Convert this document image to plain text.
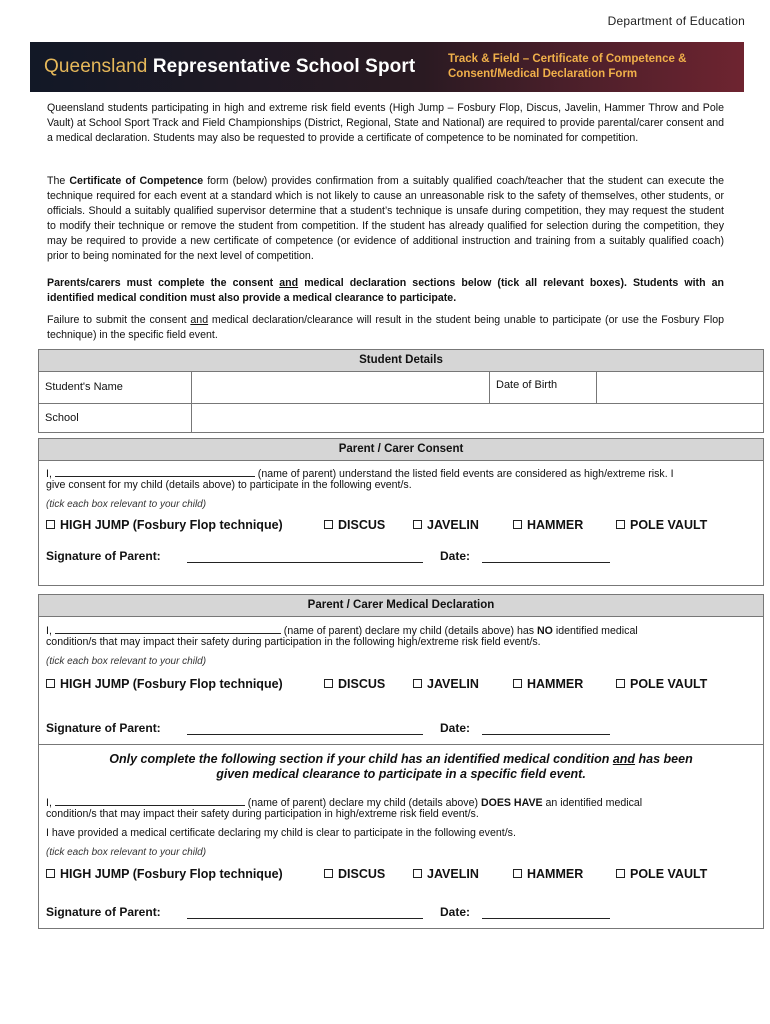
Department of Education
Queensland Representative School Sport	Track & Field – Certificate of Competence &
Consent/Medical Declaration Form

Queensland students participating in high and extreme risk field events (High Jump – Fosbury Flop, Discus, Javelin, Hammer Throw and Pole Vault) at School Sport Track and Field Championships (District, Regional, State and National) are required to provide parental/carer consent and a medical declaration. Students may also be requested to provide a certificate of competence to be nominated for competition.

The Certificate of Competence form (below) provides confirmation from a suitably qualified coach/teacher that the student can execute the technique required for each event at a standard which is not likely to cause an unreasonable risk to the safety of themselves, other students, or officials. Should a suitably qualified supervisor determine that a student’s technique is unsafe during competition, they may request the student to modify their technique or remove the student from competition. If the student has already qualified for selection during the competition, they may be required to provide a new certificate of competence (or evidence of additional instruction and training from a suitably qualified coach) prior to being nominated for the next level of competition.

Parents/carers must complete the consent and medical declaration sections below (tick all relevant boxes). Students with an identified medical condition must also provide a medical clearance to participate.

Failure to submit the consent and medical declaration/clearance will result in the student being unable to participate (or use the Fosbury Flop technique) in the specific field event.

Student Details
Student's Name		Date of Birth	
School			
Parent / Carer Consent
I,	(name of parent) understand the listed field events are considered as high/extreme risk. I
give consent for my child (details above) to participate in the following event/s.
(tick each box relevant to your child)
HIGH JUMP (Fosbury Flop technique)	DISCUS	JAVELIN	HAMMER	POLE VAULT
Signature of Parent:	Date:
Parent / Carer Medical Declaration
I,	(name of parent) declare my child (details above) has NO identified medical
condition/s that may impact their safety during participation in the following high/extreme risk field event/s.
(tick each box relevant to your child)
HIGH JUMP (Fosbury Flop technique)	DISCUS	JAVELIN	HAMMER	POLE VAULT
Signature of Parent:	Date:
Only complete the following section if your child has an identified medical condition and has been
given medical clearance to participate in a specific field event.
I,	(name of parent) declare my child (details above) DOES HAVE an identified medical
condition/s that may impact their safety during participation in high/extreme risk field event/s.
I have provided a medical certificate declaring my child is clear to participate in the following event/s.
(tick each box relevant to your child)
HIGH JUMP (Fosbury Flop technique)	DISCUS	JAVELIN	HAMMER	POLE VAULT
Signature of Parent:	Date:
